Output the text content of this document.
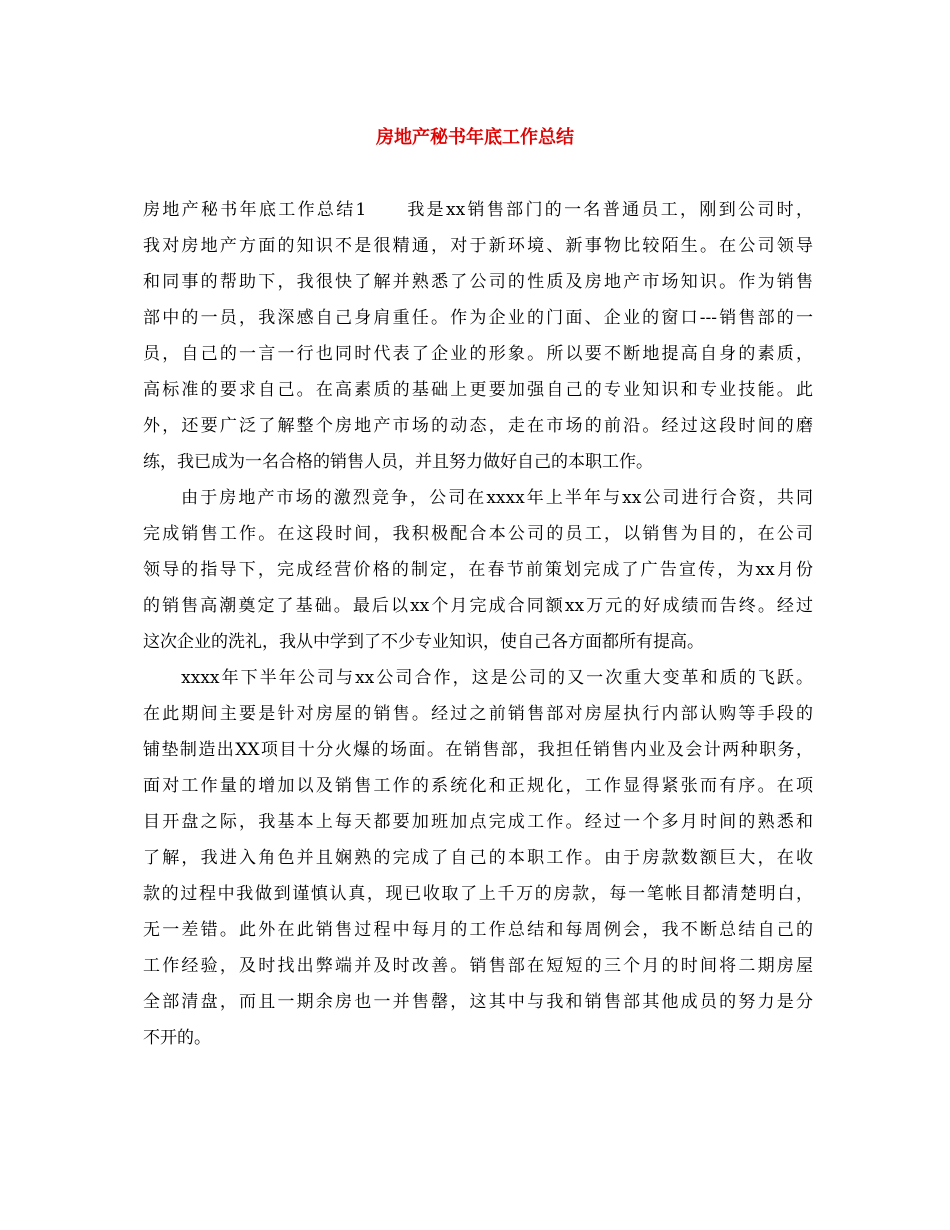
房地产秘书年底工作总结
房地产秘书年底工作总结1　　我是xx销售部门的一名普通员工，刚到公司时，
我对房地产方面的知识不是很精通，对于新环境、新事物比较陌生。在公司领导
和同事的帮助下，我很快了解并熟悉了公司的性质及房地产市场知识。作为销售
部中的一员，我深感自己身肩重任。作为企业的门面、企业的窗口---销售部的一
员，自己的一言一行也同时代表了企业的形象。所以要不断地提高自身的素质，
高标准的要求自己。在高素质的基础上更要加强自己的专业知识和专业技能。此
外，还要广泛了解整个房地产市场的动态，走在市场的前沿。经过这段时间的磨
练，我已成为一名合格的销售人员，并且努力做好自己的本职工作。
　　由于房地产市场的激烈竞争，公司在xxxx年上半年与xx公司进行合资，共同
完成销售工作。在这段时间，我积极配合本公司的员工，以销售为目的，在公司
领导的指导下，完成经营价格的制定，在春节前策划完成了广告宣传，为xx月份
的销售高潮奠定了基础。最后以xx个月完成合同额xx万元的好成绩而告终。经过
这次企业的洗礼，我从中学到了不少专业知识，使自己各方面都所有提高。
　　xxxx年下半年公司与xx公司合作，这是公司的又一次重大变革和质的飞跃。
在此期间主要是针对房屋的销售。经过之前销售部对房屋执行内部认购等手段的
铺垫制造出XX项目十分火爆的场面。在销售部，我担任销售内业及会计两种职务，
面对工作量的增加以及销售工作的系统化和正规化，工作显得紧张而有序。在项
目开盘之际，我基本上每天都要加班加点完成工作。经过一个多月时间的熟悉和
了解，我进入角色并且娴熟的完成了自己的本职工作。由于房款数额巨大，在收
款的过程中我做到谨慎认真，现已收取了上千万的房款，每一笔帐目都清楚明白，
无一差错。此外在此销售过程中每月的工作总结和每周例会，我不断总结自己的
工作经验，及时找出弊端并及时改善。销售部在短短的三个月的时间将二期房屋
全部清盘，而且一期余房也一并售罄，这其中与我和销售部其他成员的努力是分
不开的。
